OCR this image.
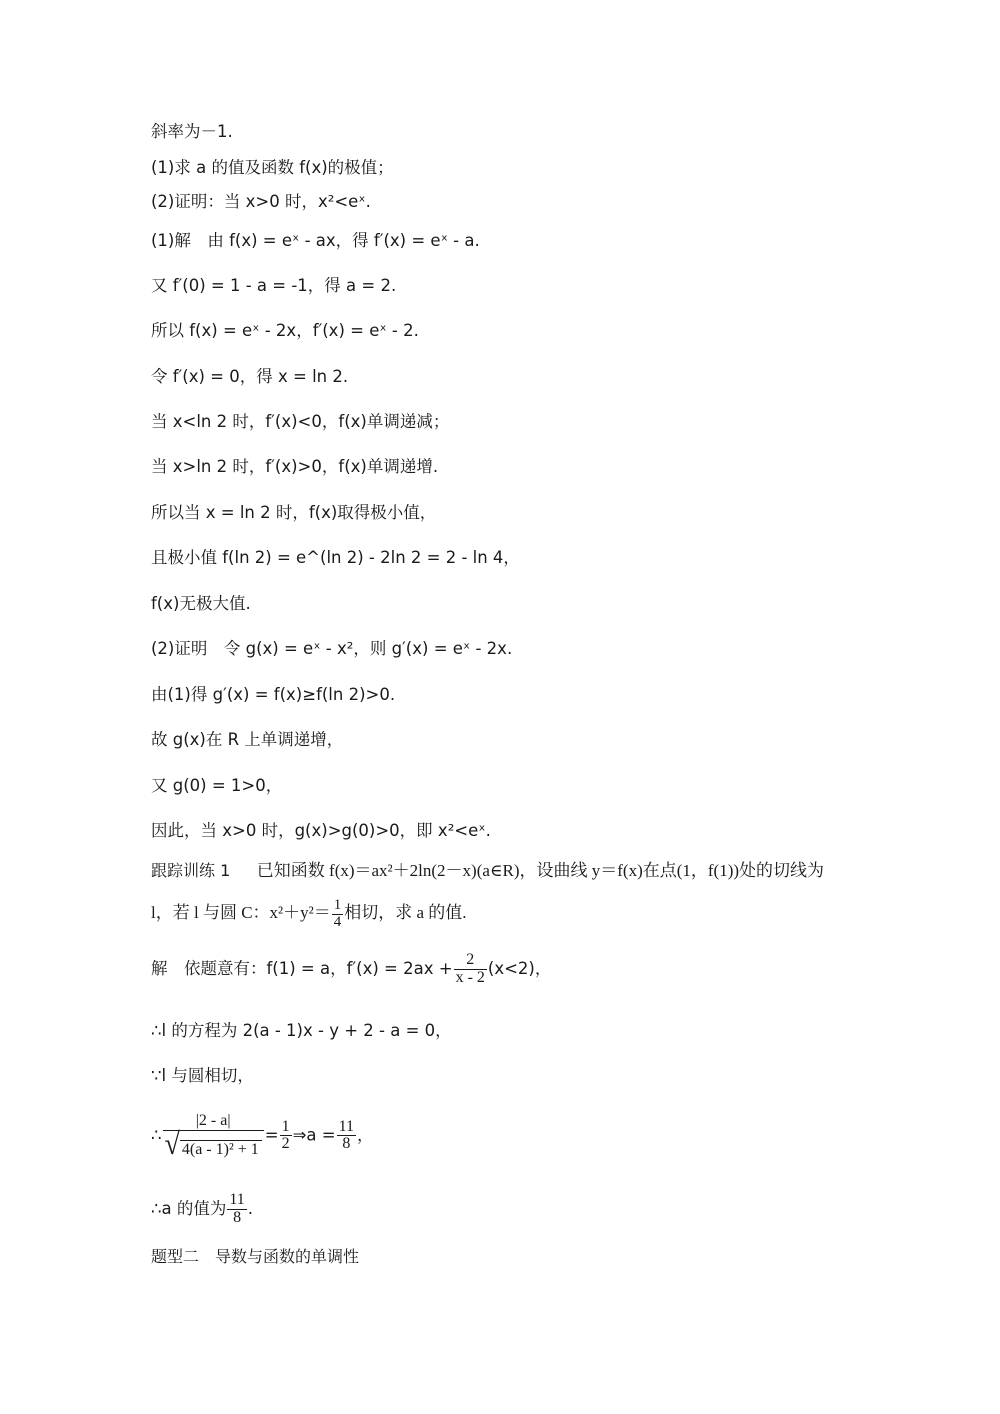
斜率为－1.
(1)求 a 的值及函数 f(x)的极值；
(2)证明：当 x>0 时，x²<eˣ.
(1)解　由 f(x) = eˣ - ax，得 f′(x) = eˣ - a.
又 f′(0) = 1 - a = -1，得 a = 2.
所以 f(x) = eˣ - 2x，f′(x) = eˣ - 2.
令 f′(x) = 0，得 x = ln 2.
当 x<ln 2 时，f′(x)<0，f(x)单调递减；
当 x>ln 2 时，f′(x)>0，f(x)单调递增.
所以当 x = ln 2 时，f(x)取得极小值，
且极小值 f(ln 2) = e^(ln 2) - 2ln 2 = 2 - ln 4，
f(x)无极大值.
(2)证明　令 g(x) = eˣ - x²，则 g′(x) = eˣ - 2x.
由(1)得 g′(x) = f(x)≥f(ln 2)>0.
故 g(x)在 R 上单调递增，
又 g(0) = 1>0，
因此，当 x>0 时，g(x)>g(0)>0，即 x²<eˣ.
跟踪训练 1 已知函数 f(x)＝ax²＋2ln(2－x)(a∈R)，设曲线 y＝f(x)在点(1，f(1))处的切线为
l，若 l 与圆 C：$x^2+y^2= \frac{1}{4}$ 相切，求 a 的值.
解　依题意有：f(1) = a，$f'(x) = 2ax + \frac{2}{x - 2} (x<2)$，
∴l 的方程为 2(a - 1)x - y + 2 - a = 0，
∵l 与圆相切，
∴ $\frac{|2 - a|}{\text{√ 4(a - 1)² + 1}} = \frac{1}{2}$ ⇒a = $\frac{11}{8}$ ，
∴a 的值为 $\frac{11}{8}$ .
题型二　导数与函数的单调性
